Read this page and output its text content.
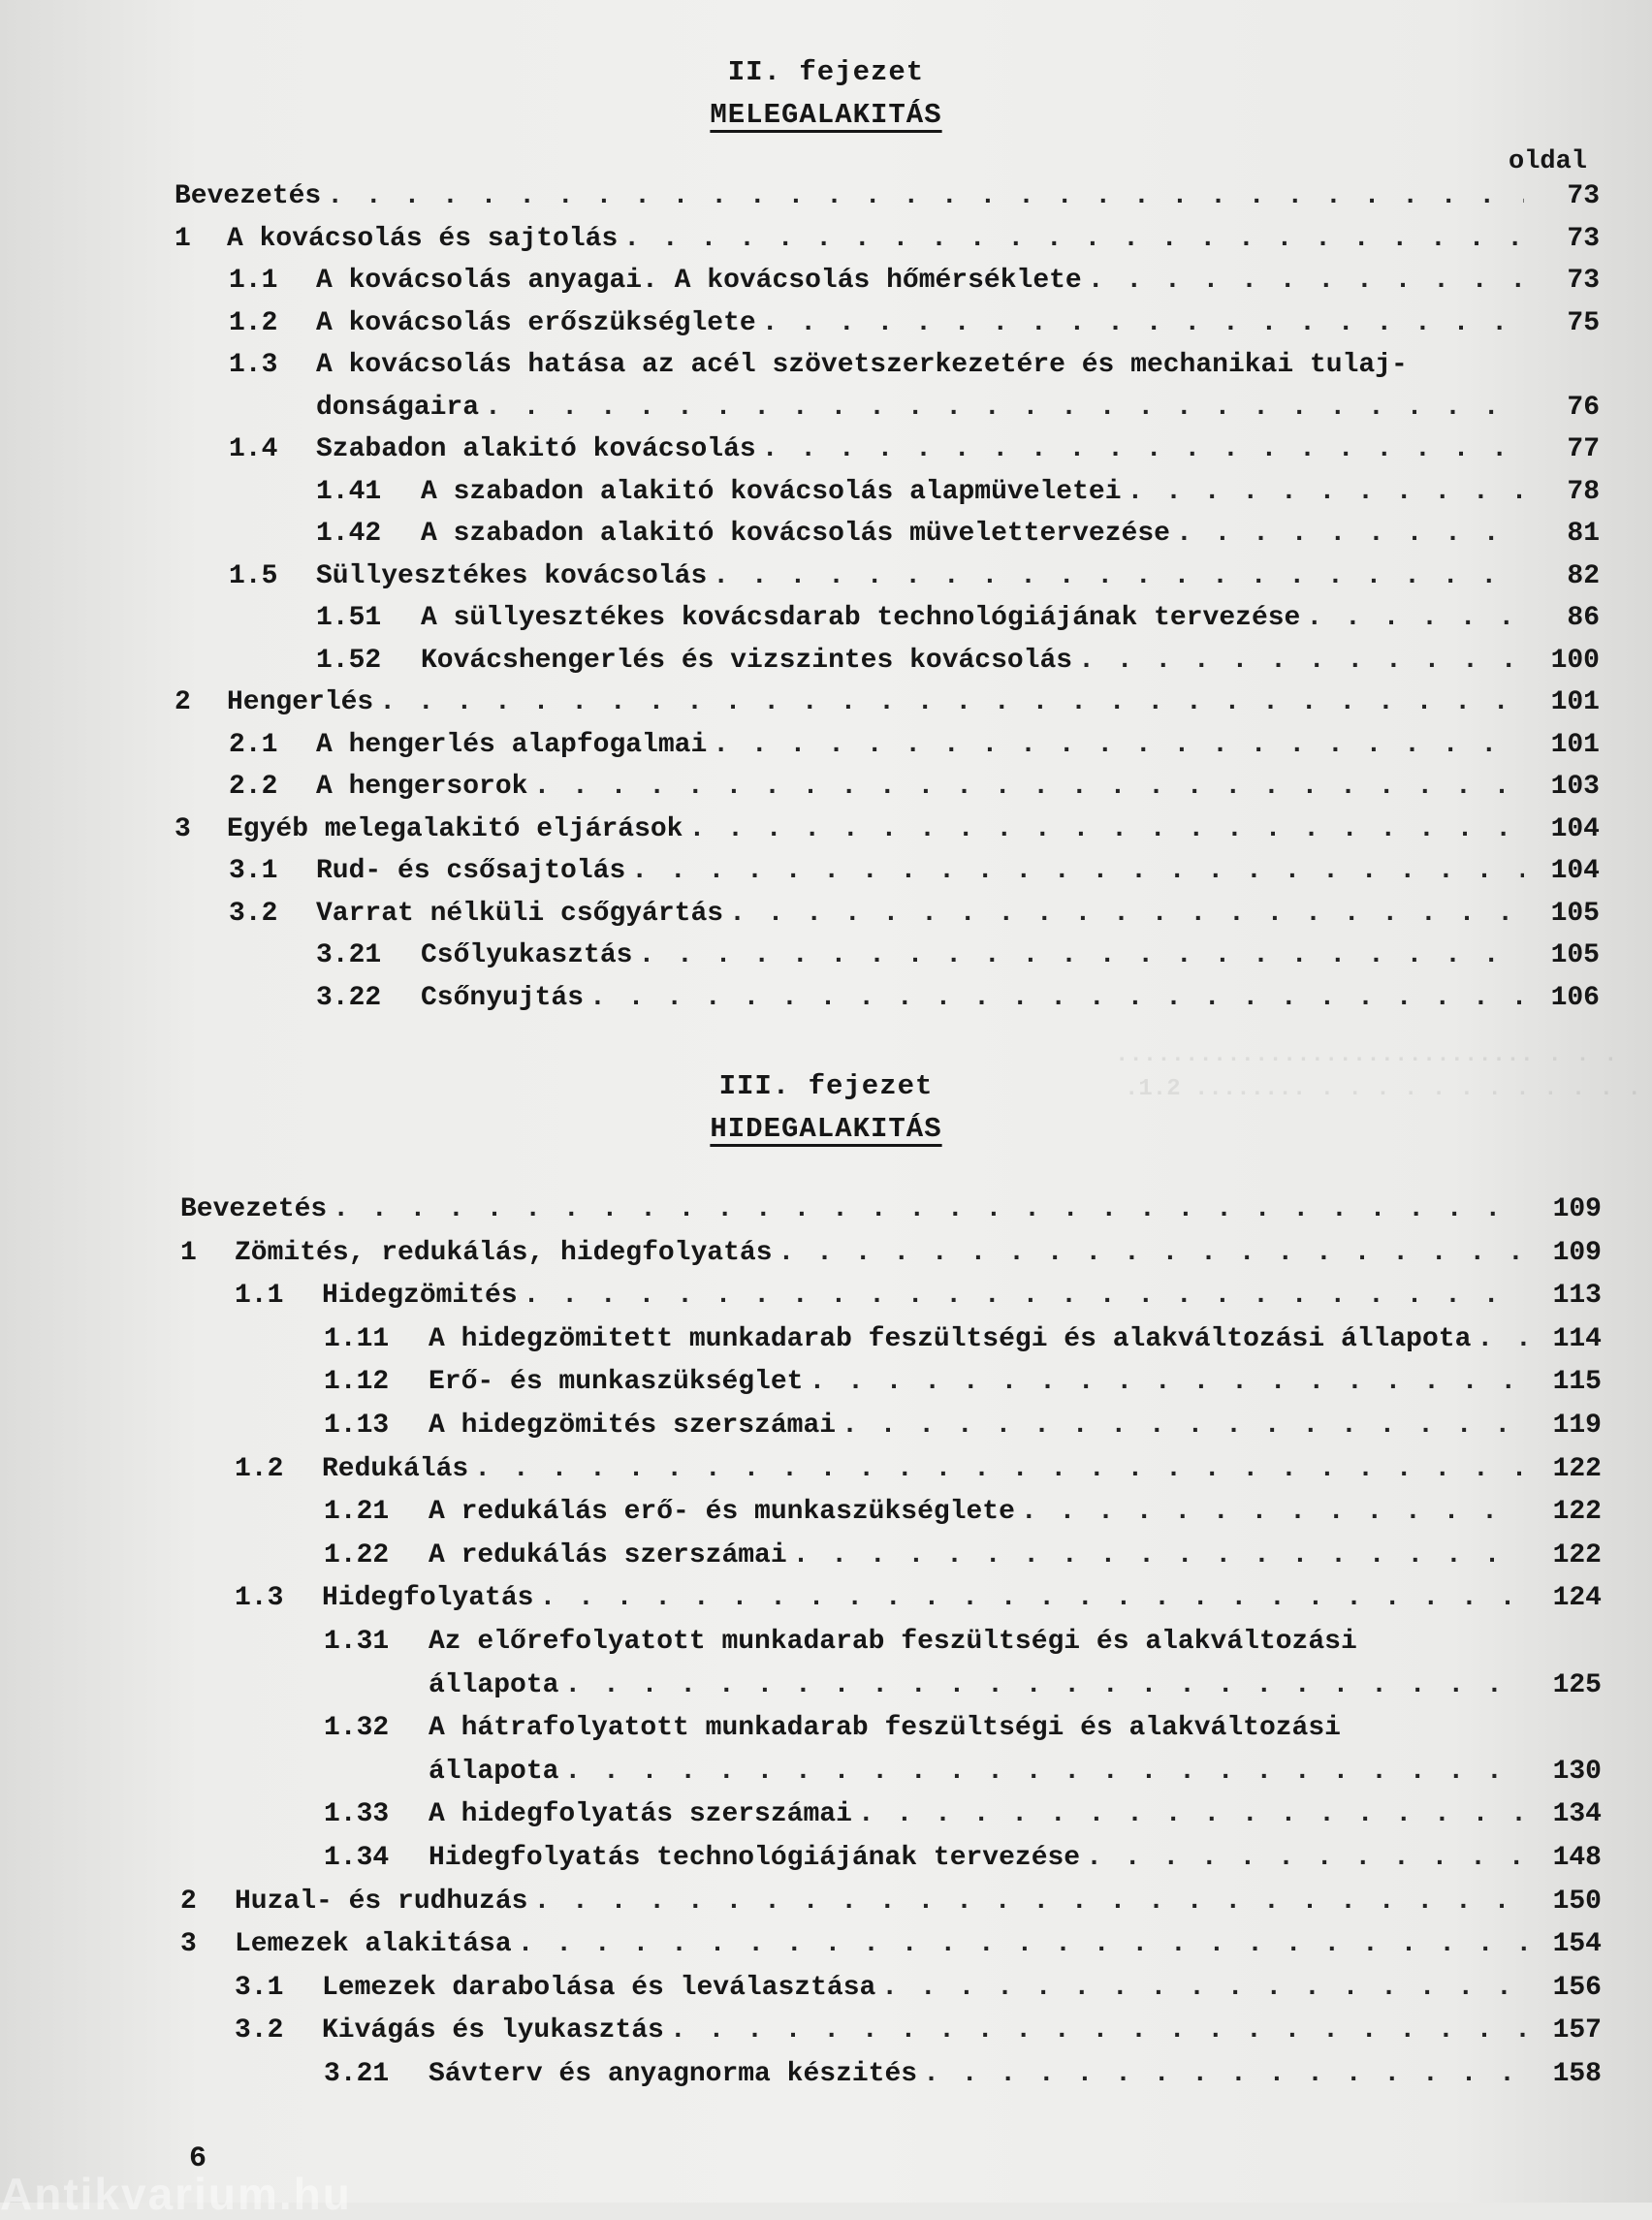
.............................. . . .
.1.2 ........ . . . . . . . . . . . .
II. fejezet
MELEGALAKITÁS
oldal
Bevezetés . . .	73
1	A kovácsolás és sajtolás . . .	73
1.1	A kovácsolás anyagai. A kovácsolás hőmérséklete . . .	73
1.2	A kovácsolás erőszükséglete . . .	75
1.3	A kovácsolás hatása az acél szövetszerkezetére és mechanikai tulaj-
donságaira . . .	76
1.4	Szabadon alakitó kovácsolás . . .	77
1.41	A szabadon alakitó kovácsolás alapmüveletei . . .	78
1.42	A szabadon alakitó kovácsolás müvelettervezése . . .	81
1.5	Süllyesztékes kovácsolás . . .	82
1.51	A süllyesztékes kovácsdarab technológiájának tervezése . . .	86
1.52	Kovácshengerlés és vizszintes kovácsolás . . .	100
2	Hengerlés . . .	101
2.1	A hengerlés alapfogalmai . . .	101
2.2	A hengersorok . . .	103
3	Egyéb melegalakitó eljárások . . .	104
3.1	Rud- és csősajtolás . . .	104
3.2	Varrat nélküli csőgyártás . . .	105
3.21	Csőlyukasztás . . .	105
3.22	Csőnyujtás . . .	106
III. fejezet
HIDEGALAKITÁS
Bevezetés . . .	109
1	Zömités, redukálás, hidegfolyatás . . .	109
1.1	Hidegzömités . . .	113
1.11	A hidegzömitett munkadarab feszültségi és alakváltozási állapota . . .	114
1.12	Erő- és munkaszükséglet . . .	115
1.13	A hidegzömités szerszámai . . .	119
1.2	Redukálás . . .	122
1.21	A redukálás erő- és munkaszükséglete . . .	122
1.22	A redukálás szerszámai . . .	122
1.3	Hidegfolyatás . . .	124
1.31	Az előrefolyatott munkadarab feszültségi és alakváltozási
állapota . . .	125
1.32	A hátrafolyatott munkadarab feszültségi és alakváltozási
állapota . . .	130
1.33	A hidegfolyatás szerszámai . . .	134
1.34	Hidegfolyatás technológiájának tervezése . . .	148
2	Huzal- és rudhuzás . . .	150
3	Lemezek alakitása . . .	154
3.1	Lemezek darabolása és leválasztása . . .	156
3.2	Kivágás és lyukasztás . . .	157
3.21	Sávterv és anyagnorma készités . . .	158
6
Antikvarium.hu
